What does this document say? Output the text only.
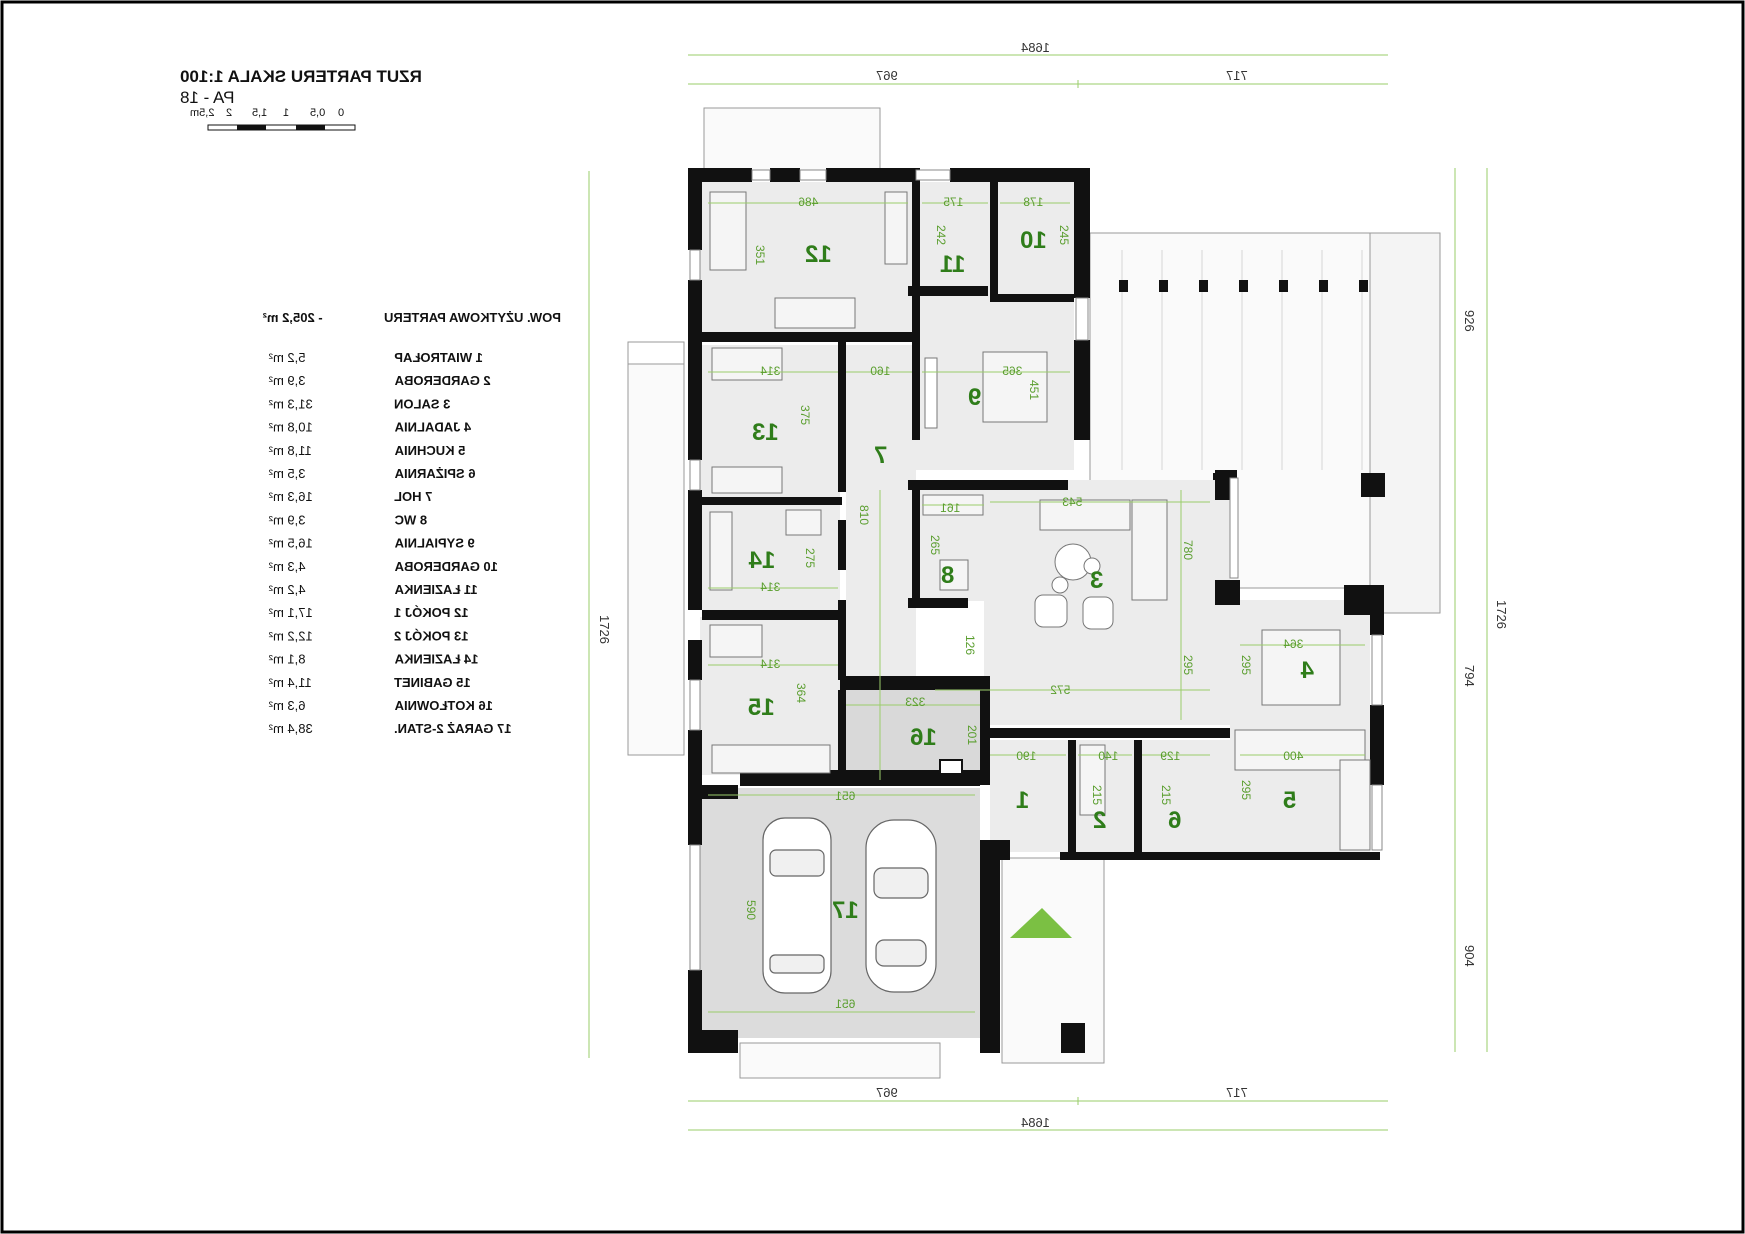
RZUT PARTERU SKALA 1:100
PA - 18
0
0,5
1
1,5
2
2,5m
POW. UŻYTKOWA PARTERU
- 205,2 m²
1 WIATROŁAP
5,2 m²
2 GARDEROBA
3,9 m²
3 SALON
31,3 m²
4 JADALNIA
10,8 m²
5 KUCHNIA
11,8 m²
6 SPIŻARNIA
3,5 m²
7 HOL
16,3 m²
8 WC
3,9 m²
9 SYPIALNIA
16,5 m²
10 GARDEROBA
4,3 m²
11 ŁAZIENKA
4,2 m²
12 POKÓJ 1
17,1 m²
13 POKÓJ 2
12,2 m²
14 ŁAZIENKA
8,1 m²
15 GABINET
11,4 m²
16 KOTŁOWNIA
6,3 m²
17 GARAŻ 2-STAN.
38,4 m²
1684
967	717
967	717
1684
1726
926
794
904
1726
486
351
175
242
178
245
314
375
160
810
365
451
314
275
161
265
543
780
295
572
126
314
364	323
201
364
295
190	140
215
129
215
400
295
651
590
651
12	11
10
13
7
9
14
8	3
4
15
16
1
2	6
5
17
